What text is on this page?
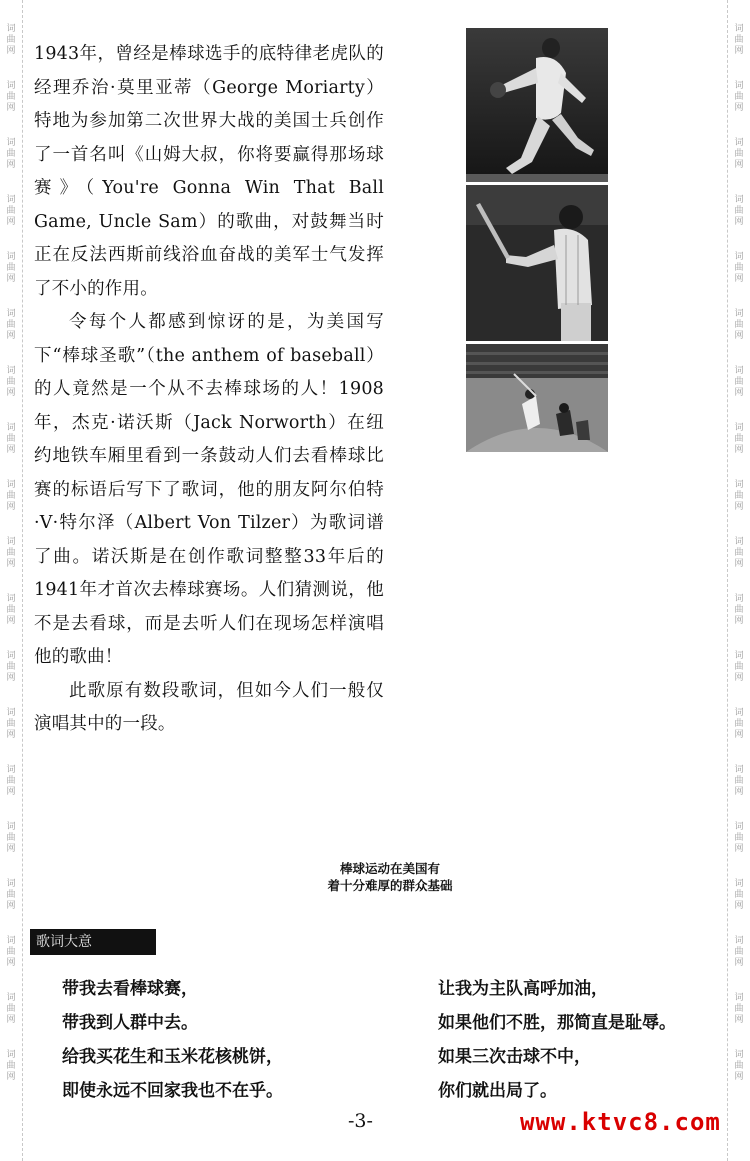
词
曲
网
词
曲
网
词
曲
网
词
曲
网
词
曲
网
词
曲
网
词
曲
网
词
曲
网
词
曲
网
词
曲
网
词
曲
网
词
曲
网
词
曲
网
词
曲
网
词
曲
网
词
曲
网
词
曲
网
词
曲
网
词
曲
网
词
曲
网
词
曲
网
词
曲
网
词
曲
网
词
曲
网
词
曲
网
词
曲
网
词
曲
网
词
曲
网
词
曲
网
词
曲
网
词
曲
网
词
曲
网
词
曲
网
词
曲
网
词
曲
网
词
曲
网
词
曲
网
词
曲
网

1943年，曾经是棒球选手的底特律老虎队的经理乔治·莫里亚蒂（George Moriarty）特地为参加第二次世界大战的美国士兵创作了一首名叫《山姆大叔，你将要赢得那场球赛》（You're Gonna Win That Ball Game, Uncle Sam）的歌曲，对鼓舞当时正在反法西斯前线浴血奋战的美军士气发挥了不小的作用。

令每个人都感到惊讶的是，为美国写下“棒球圣歌”（the anthem of baseball）的人竟然是一个从不去棒球场的人！1908年，杰克·诺沃斯（Jack Norworth）在纽约地铁车厢里看到一条鼓动人们去看棒球比赛的标语后写下了歌词，他的朋友阿尔伯特·V·特尔泽（Albert Von Tilzer）为歌词谱了曲。诺沃斯是在创作歌词整整33年后的1941年才首次去棒球赛场。人们猜测说，他不是去看球，而是去听人们在现场怎样演唱他的歌曲！

此歌原有数段歌词，但如今人们一般仅演唱其中的一段。

棒球运动在美国有
着十分难厚的群众基础
歌词大意
带我去看棒球赛，
带我到人群中去。
给我买花生和玉米花核桃饼，
即使永远不回家我也不在乎。
让我为主队高呼加油，
如果他们不胜，那简直是耻辱。
如果三次击球不中，
你们就出局了。
-3-	www.ktvc8.com
